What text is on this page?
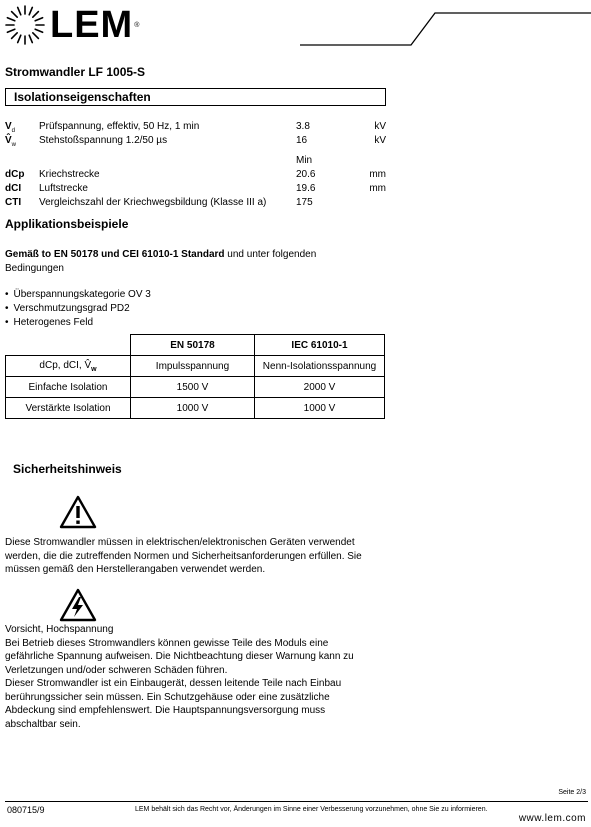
LEM ®
Stromwandler LF 1005-S
Isolationseigenschaften
$V_d$ Prüfspannung, effektiv, 50 Hz, 1 min	3.8	kV
$V̂_w$ Stehstoßspannung 1.2/50 µs	16	kV
Min
dCp Kriechstrecke	20.6	mm
dCI Luftstrecke	19.6	mm
CTI Vergleichszahl der Kriechwegsbildung (Klasse III a)	175
Applikationsbeispiele
Gemäß to EN 50178 und CEI 61010-1 Standard und unter folgenden
Bedingungen
• Überspannungskategorie OV 3
• Verschmutzungsgrad PD2
• Heterogenes Feld
	EN 50178	IEC 61010-1
dCp, dCI, $V̂_w$	Impulsspannung	Nenn-Isolationsspannung
Einfache Isolation	1500 V	2000 V
Verstärkte Isolation	1000 V	1000 V
Sicherheitshinweis
Diese Stromwandler müssen in elektrischen/elektronischen Geräten verwendet
werden, die die zutreffenden Normen und Sicherheitsanforderungen erfüllen. Sie
müssen gemäß den Herstellerangaben verwendet werden.
Vorsicht, Hochspannung
Bei Betrieb dieses Stromwandlers können gewisse Teile des Moduls eine
gefährliche Spannung aufweisen. Die Nichtbeachtung dieser Warnung kann zu
Verletzungen und/oder schweren Schäden führen.
Dieser Stromwandler ist ein Einbaugerät, dessen leitende Teile nach Einbau
berührungssicher sein müssen. Ein Schutzgehäuse oder eine zusätzliche
Abdeckung sind empfehlenswert. Die Hauptspannungsversorgung muss
abschaltbar sein.
Seite 2/3
080715/9	LEM behält sich das Recht vor, Änderungen im Sinne einer Verbesserung vorzunehmen, ohne Sie zu informieren.
www.lem.com
